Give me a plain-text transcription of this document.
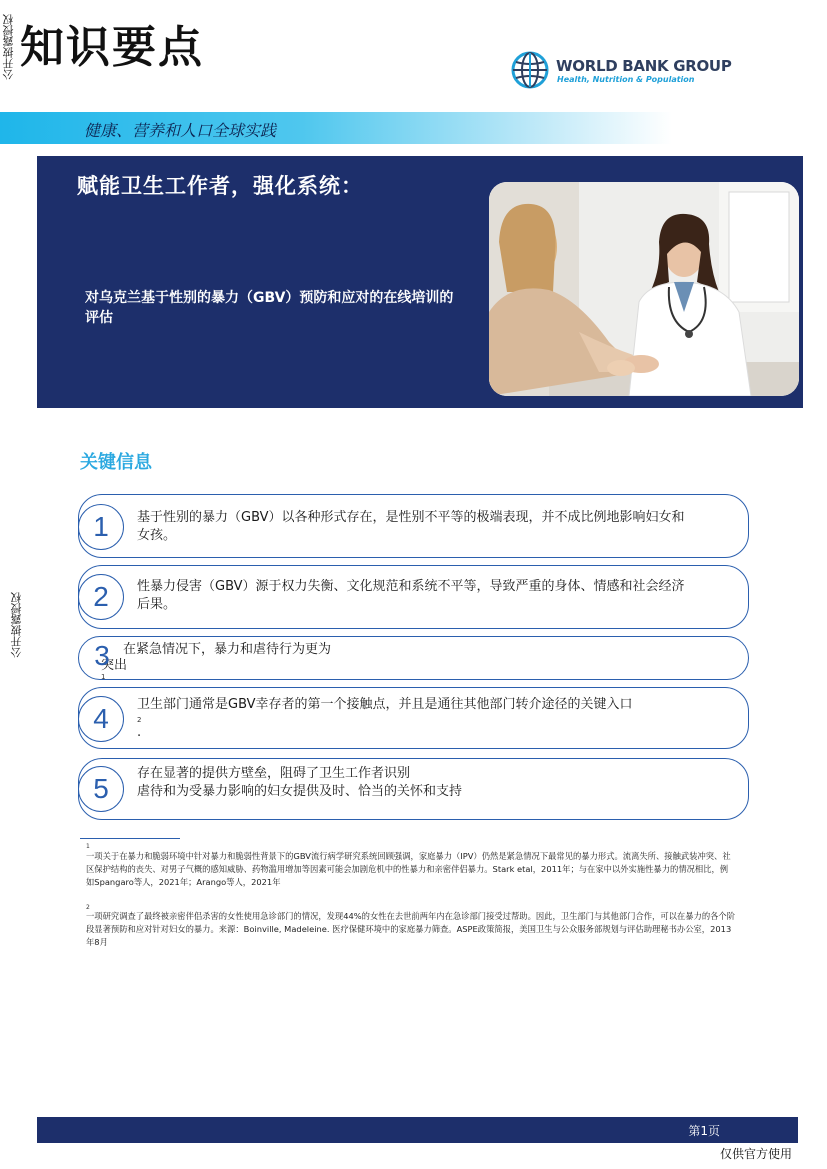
公开披露授权
公开披露授权
知识要点	WORLD BANK GROUP
Health, Nutrition & Population
健康、营养和人口全球实践
赋能卫生工作者，强化系统：
对乌克兰基于性别的暴力（GBV）预防和应对的在线培训的评估
关键信息
基于性别的暴力（GBV）以各种形式存在，是性别不平等的极端表现，并不成比例地影响妇女和女孩。
1
性暴力侵害（GBV）源于权力失衡、文化规范和系统不平等，导致严重的身体、情感和社会经济后果。
2
在紧急情况下，暴力和虐待行为更为
突出
1
3
卫生部门通常是GBV幸存者的第一个接触点，并且是通往其他部门转介途径的关键入口
2
.
4
存在显著的提供方壁垒，阻碍了卫生工作者识别
虐待和为受暴力影响的妇女提供及时、恰当的关怀和支持
5
1
一项关于在暴力和脆弱环境中针对暴力和脆弱性背景下的GBV流行病学研究系统回顾强调，家庭暴力（IPV）仍然是紧急情况下最常见的暴力形式。流离失所、接触武装冲突、社区保护结构的丧失、对男子气概的感知威胁、药物滥用增加等因素可能会加剧危机中的性暴力和亲密伴侣暴力。Stark etal，2011年；与在家中以外实施性暴力的情况相比，例如Spangaro等人，2021年；Arango等人，2021年
2
一项研究调查了最终被亲密伴侣杀害的女性使用急诊部门的情况，发现44%的女性在去世前两年内在急诊部门接受过帮助。因此，卫生部门与其他部门合作，可以在暴力的各个阶段显著预防和应对针对妇女的暴力。来源：Boinville, Madeleine. 医疗保健环境中的家庭暴力筛查。ASPE政策简报，美国卫生与公众服务部规划与评估助理秘书办公室，2013年8月
第1页
仅供官方使用
